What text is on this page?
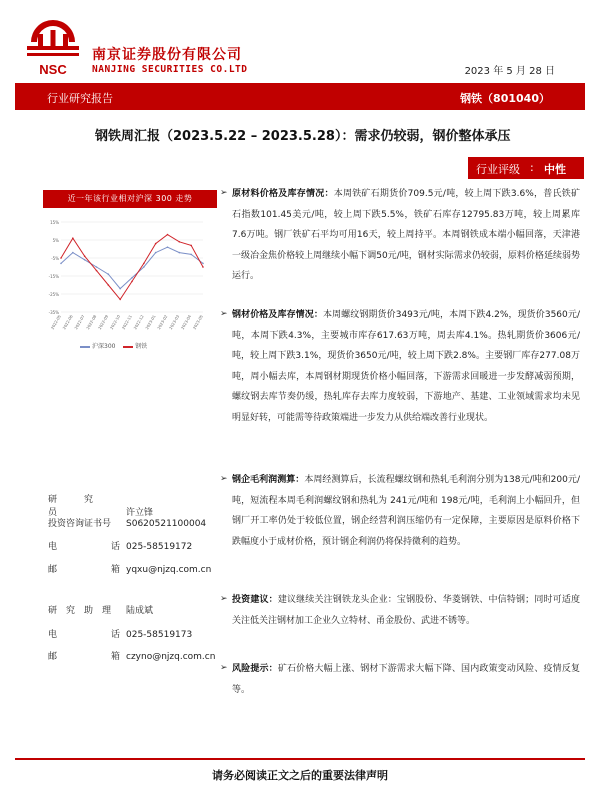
NSC
南京证券股份有限公司
NANJING SECURITIES CO.LTD	2023 年 5 月 28 日
行业研究报告	钢铁（801040）
钢铁周汇报（2023.5.22 – 2023.5.28）：需求仍较弱，钢价整体承压
行业评级 : 中性
近一年该行业相对沪深 300 走势
-35%
-25%
-15%
-5%
5%
15%
2022-05 2022-06 2022-07 2022-08 2022-09 2022-10 2022-11 2022-12 2023-01 2023-02 2023-03 2023-04 2023-05
沪深300	钢铁
研　　　究　　　员	许立锋
投资咨询证书号 S0620521100004
电　　　　　　话 025-58519172
邮　　　　　　箱 yqxu@njzq.com.cn
研　究　助　理 陆成斌
电　　　　　　话 025-58519173
邮　　　　　　箱 czyno@njzq.com.cn
➢ 原材料价格及库存情况：本周铁矿石期货价709.5元/吨，较上周下跌3.6%，普氏铁矿石指数101.45美元/吨，较上周下跌5.5%，铁矿石库存12795.83万吨，较上周累库7.6万吨。钢厂铁矿石平均可用16天，较上周持平。本周钢铁成本端小幅回落，天津港一级冶金焦价格较上周继续小幅下调50元/吨，钢材实际需求仍较弱，原料价格延续弱势运行。
➢ 钢材价格及库存情况：本周螺纹钢期货价3493元/吨，本周下跌4.2%，现货价3560元/吨，本周下跌4.3%，主要城市库存617.63万吨，周去库4.1%。热轧期货价3606元/吨，较上周下跌3.1%，现货价3650元/吨，较上周下跌2.8%。主要钢厂库存277.08万吨，周小幅去库，本周钢材期现货价格小幅回落，下游需求回暖进一步发酵减弱预期，螺纹钢去库节奏仍缓，热轧库存去库力度较弱，下游地产、基建、工业领域需求均未见明显好转，可能需等待政策端进一步发力从供给端改善行业现状。
➢ 钢企毛利润测算：本周经测算后，长流程螺纹钢和热轧毛利润分别为138元/吨和200元/吨，短流程本周毛利润螺纹钢和热轧为 241元/吨和 198元/吨，毛利润上小幅回升，但钢厂开工率仍处于较低位置，钢企经营利润压缩仍有一定保障，主要原因是原料价格下跌幅度小于成材价格，预计钢企利润仍将保持微利的趋势。
➢ 投资建议：建议继续关注钢铁龙头企业：宝钢股份、华菱钢铁、中信特钢；同时可适度关注低关注钢材加工企业久立特材、甬金股份、武进不锈等。
➢ 风险提示：矿石价格大幅上涨、钢材下游需求大幅下降、国内政策变动风险、疫情反复等。
请务必阅读正文之后的重要法律声明
